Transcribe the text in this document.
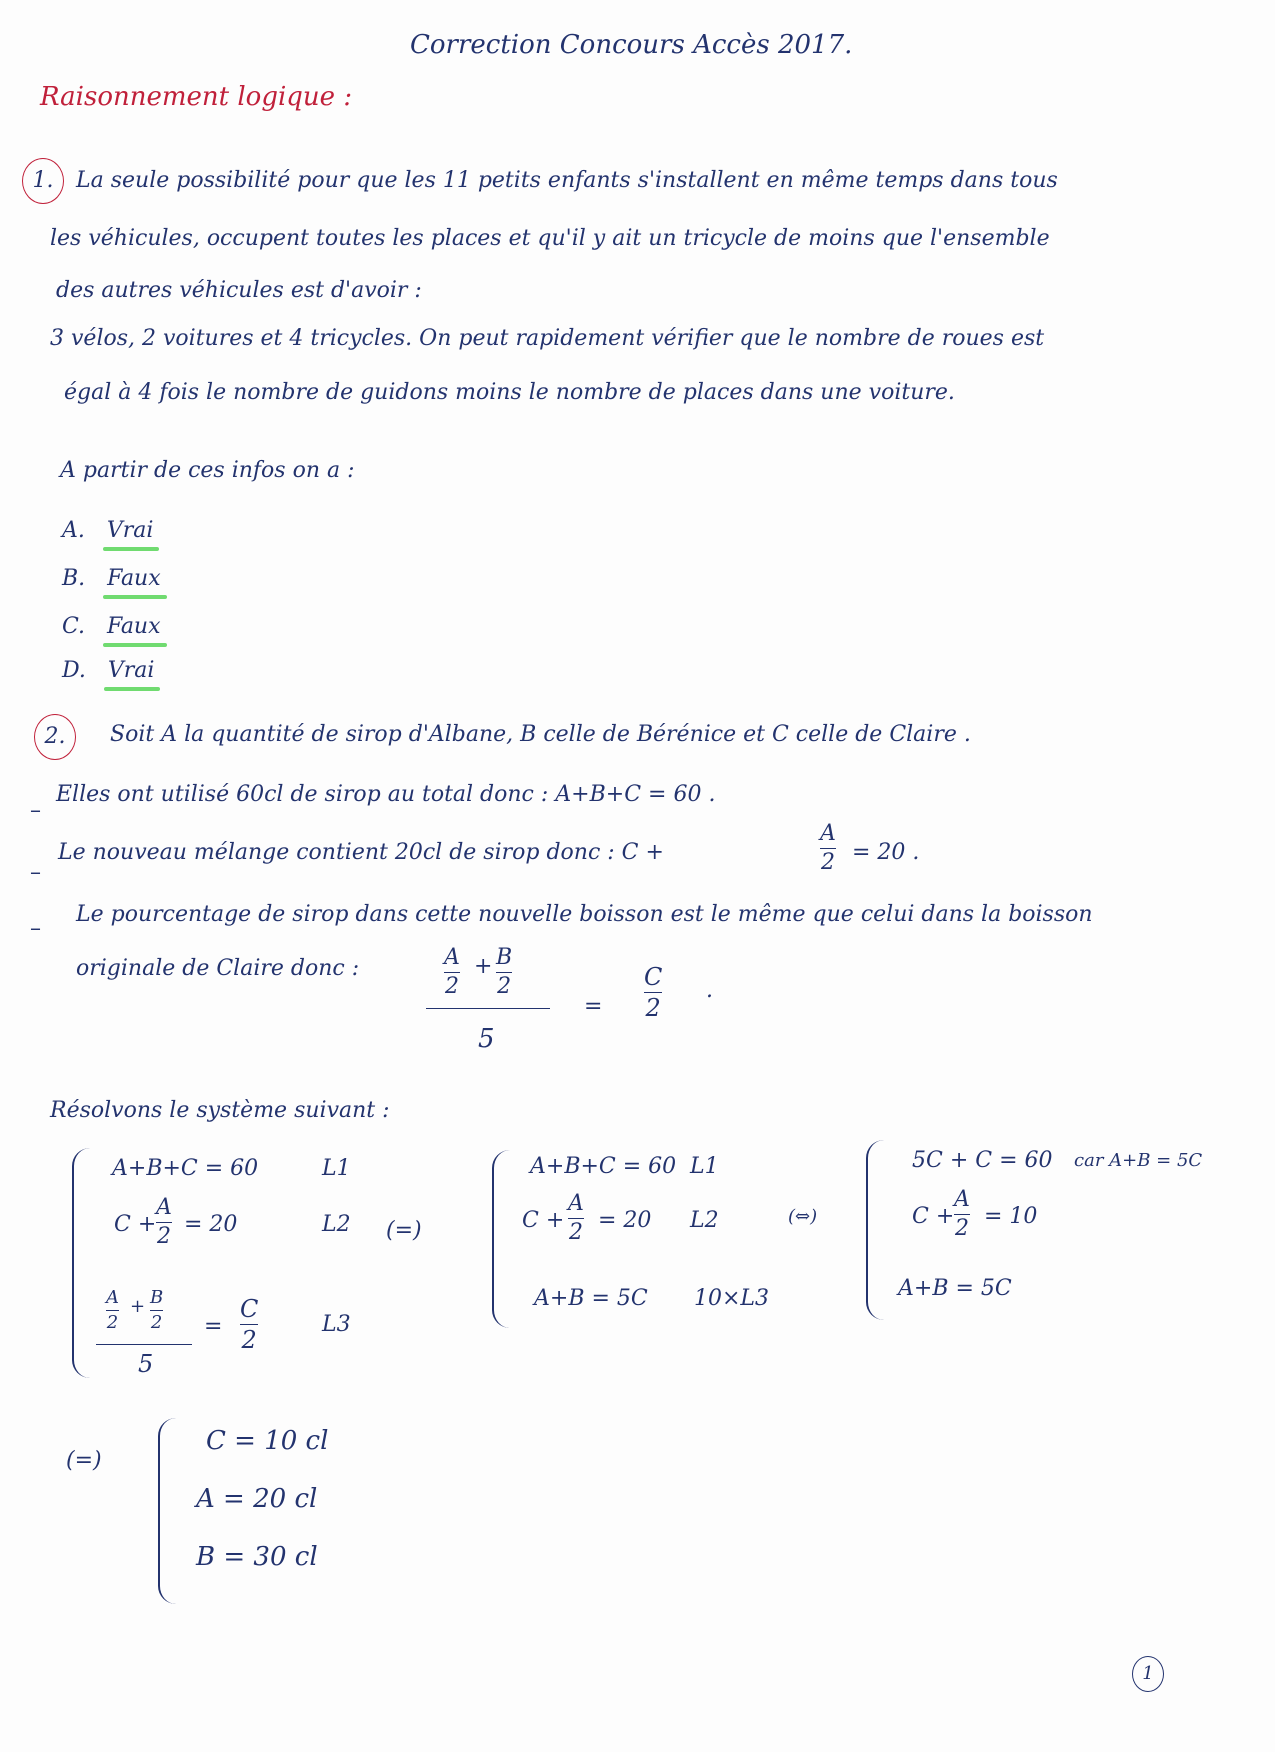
Correction Concours Accès 2017.
Raisonnement logique :
1.	La seule possibilité pour que les 11 petits enfants s'installent en même temps dans tous
les véhicules, occupent toutes les places et qu'il y ait un tricycle de moins que l'ensemble
des autres véhicules est d'avoir :
3 vélos, 2 voitures et 4 tricycles. On peut rapidement vérifier que le nombre de roues est
égal à 4 fois le nombre de guidons moins le nombre de places dans une voiture.
A partir de ces infos on a :
A. Vrai
B. Faux
C. Faux
D. Vrai
2.	Soit A la quantité de sirop d'Albane, B celle de Bérénice et C celle de Claire .
–
Elles ont utilisé 60cl de sirop au total donc : A+B+C = 60 .
–
Le nouveau mélange contient 20cl de sirop donc : C +
A
2 = 20 .
–
Le pourcentage de sirop dans cette nouvelle boisson est le même que celui dans la boisson
originale de Claire donc :	A
2
+ B
2
5
=
C
2
.
Résolvons le système suivant :
A+B+C = 60	L1
C +
A
2 = 20	L2
A
2
+ B
2
5
=
C
2
L3
(=)
A+B+C = 60 L1
C +
A
2 = 20 L2
A+B = 5C 10×L3
(⇔)
5C + C = 60 car A+B = 5C
C +
A
2 = 10
A+B = 5C
(=)
C = 10 cl
A = 20 cl
B = 30 cl
1
